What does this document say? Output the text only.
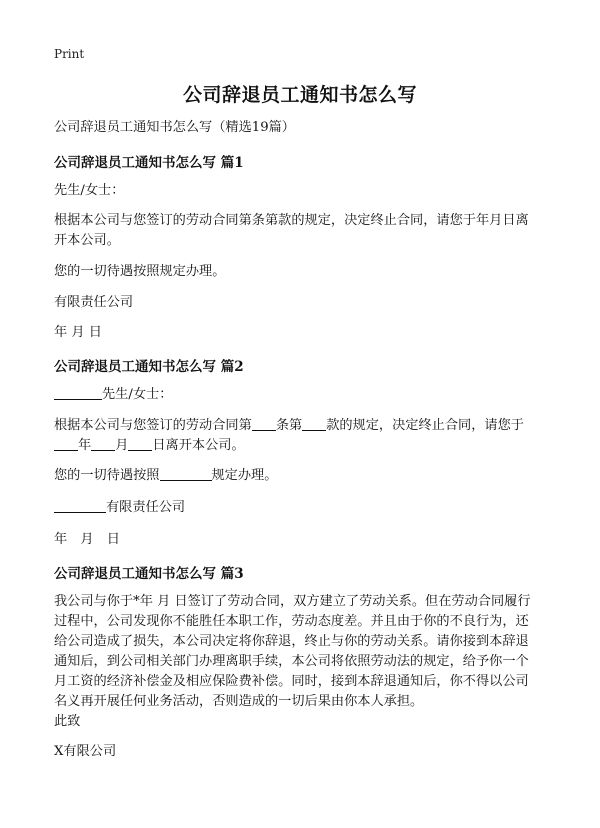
Print
公司辞退员工通知书怎么写
公司辞退员工通知书怎么写（精选19篇）
公司辞退员工通知书怎么写 篇1
先生/女士：
根据本公司与您签订的劳动合同第条第款的规定，决定终止合同，请您于年月日离
开本公司。
您的一切待遇按照规定办理。
有限责任公司
年 月 日
公司辞退员工通知书怎么写 篇2
先生/女士：
根据本公司与您签订的劳动合同第 条第 款的规定，决定终止合同，请您于
年 月 日离开本公司。
您的一切待遇按照	规定办理。
有限责任公司
年　月　日
公司辞退员工通知书怎么写 篇3
我公司与你于*年 月 日签订了劳动合同，双方建立了劳动关系。但在劳动合同履行
过程中，公司发现你不能胜任本职工作，劳动态度差。并且由于你的不良行为，还
给公司造成了损失，本公司决定将你辞退，终止与你的劳动关系。请你接到本辞退
通知后，到公司相关部门办理离职手续，本公司将依照劳动法的规定，给予你一个
月工资的经济补偿金及相应保险费补偿。同时，接到本辞退通知后，你不得以公司
名义再开展任何业务活动，否则造成的一切后果由你本人承担。
此致
X有限公司
